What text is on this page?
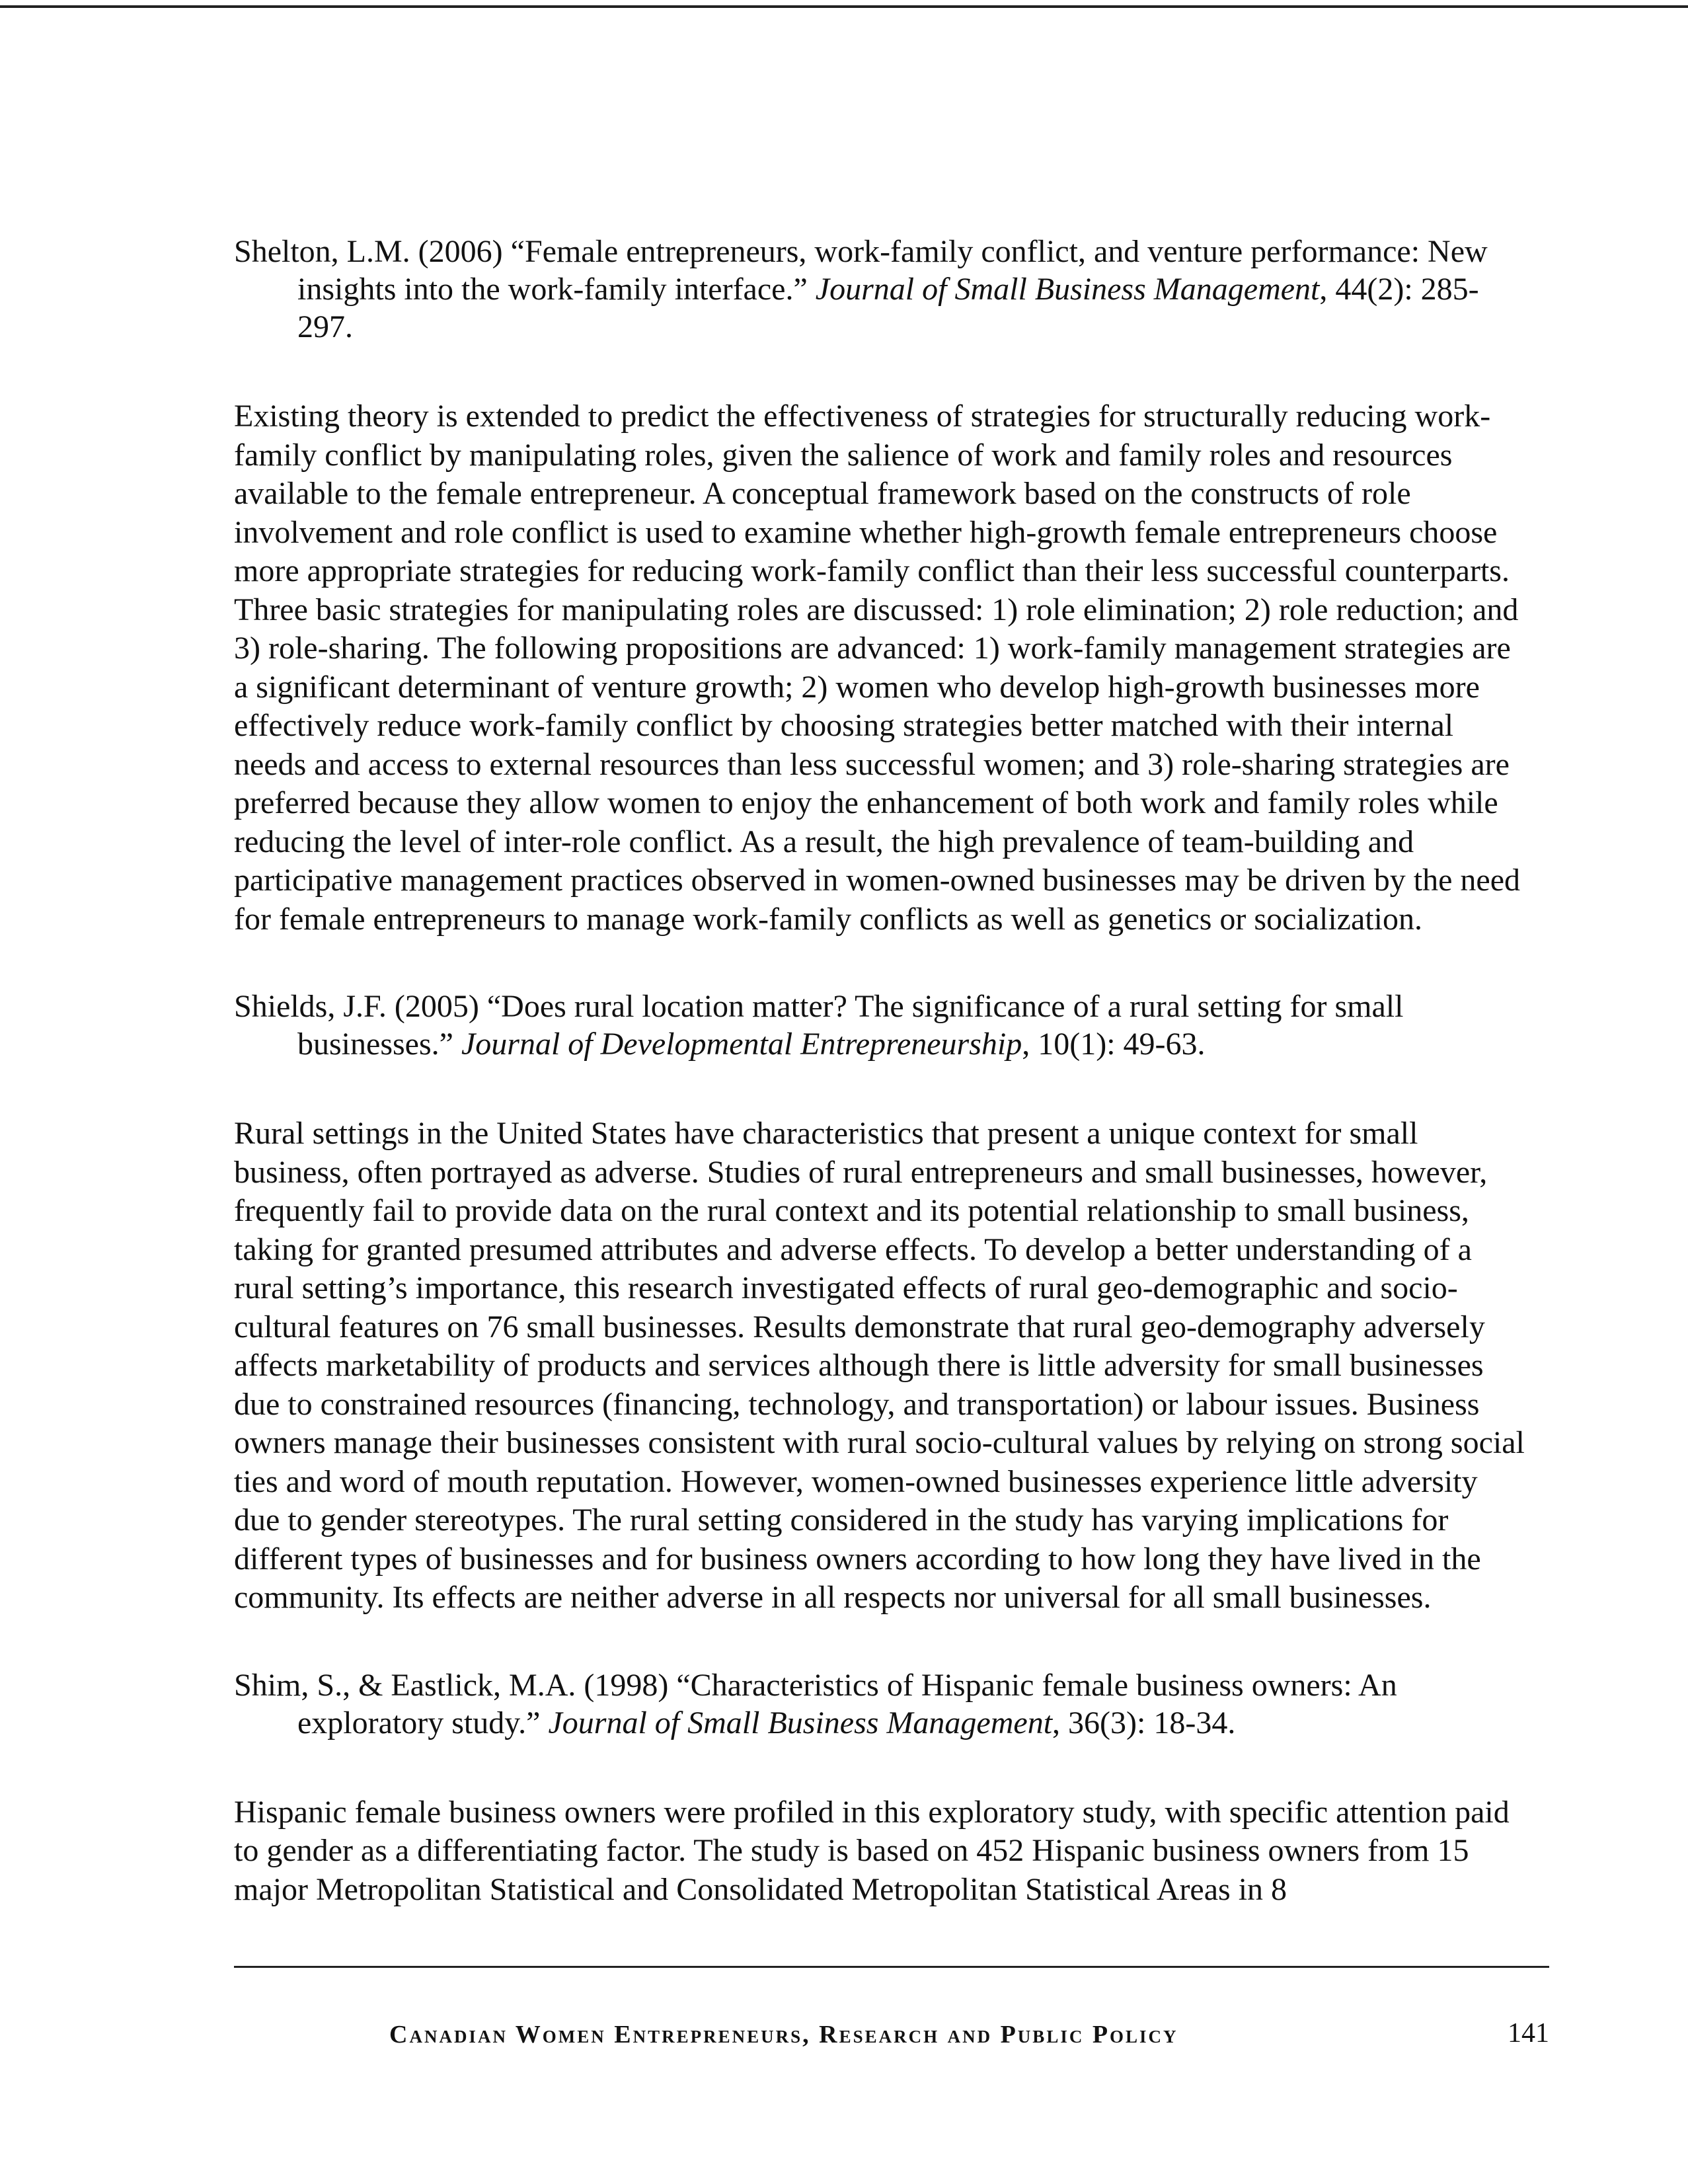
Shelton, L.M. (2006) “Female entrepreneurs, work-family conflict, and venture performance: New insights into the work-family interface.” Journal of Small Business Management, 44(2): 285-297.

Existing theory is extended to predict the effectiveness of strategies for structurally reducing work-family conflict by manipulating roles, given the salience of work and family roles and resources available to the female entrepreneur. A conceptual framework based on the constructs of role involvement and role conflict is used to examine whether high-growth female entrepreneurs choose more appropriate strategies for reducing work-family conflict than their less successful counterparts. Three basic strategies for manipulating roles are discussed: 1) role elimination; 2) role reduction; and 3) role-sharing. The following propositions are advanced: 1) work-family management strategies are a significant determinant of venture growth; 2) women who develop high-growth businesses more effectively reduce work-family conflict by choosing strategies better matched with their internal needs and access to external resources than less successful women; and 3) role-sharing strategies are preferred because they allow women to enjoy the enhancement of both work and family roles while reducing the level of inter-role conflict. As a result, the high prevalence of team-building and participative management practices observed in women-owned businesses may be driven by the need for female entrepreneurs to manage work-family conflicts as well as genetics or socialization.

Shields, J.F. (2005) “Does rural location matter? The significance of a rural setting for small businesses.” Journal of Developmental Entrepreneurship, 10(1): 49-63.

Rural settings in the United States have characteristics that present a unique context for small business, often portrayed as adverse. Studies of rural entrepreneurs and small businesses, however, frequently fail to provide data on the rural context and its potential relationship to small business, taking for granted presumed attributes and adverse effects. To develop a better understanding of a rural setting’s importance, this research investigated effects of rural geo-demographic and socio-cultural features on 76 small businesses. Results demonstrate that rural geo-demography adversely affects marketability of products and services although there is little adversity for small businesses due to constrained resources (financing, technology, and transportation) or labour issues. Business owners manage their businesses consistent with rural socio-cultural values by relying on strong social ties and word of mouth reputation. However, women-owned businesses experience little adversity due to gender stereotypes. The rural setting considered in the study has varying implications for different types of businesses and for business owners according to how long they have lived in the community. Its effects are neither adverse in all respects nor universal for all small businesses.

Shim, S., & Eastlick, M.A. (1998) “Characteristics of Hispanic female business owners: An exploratory study.” Journal of Small Business Management, 36(3): 18-34.

Hispanic female business owners were profiled in this exploratory study, with specific attention paid to gender as a differentiating factor. The study is based on 452 Hispanic business owners from 15 major Metropolitan Statistical and Consolidated Metropolitan Statistical Areas in 8

Canadian Women Entrepreneurs, Research and Public Policy	141
